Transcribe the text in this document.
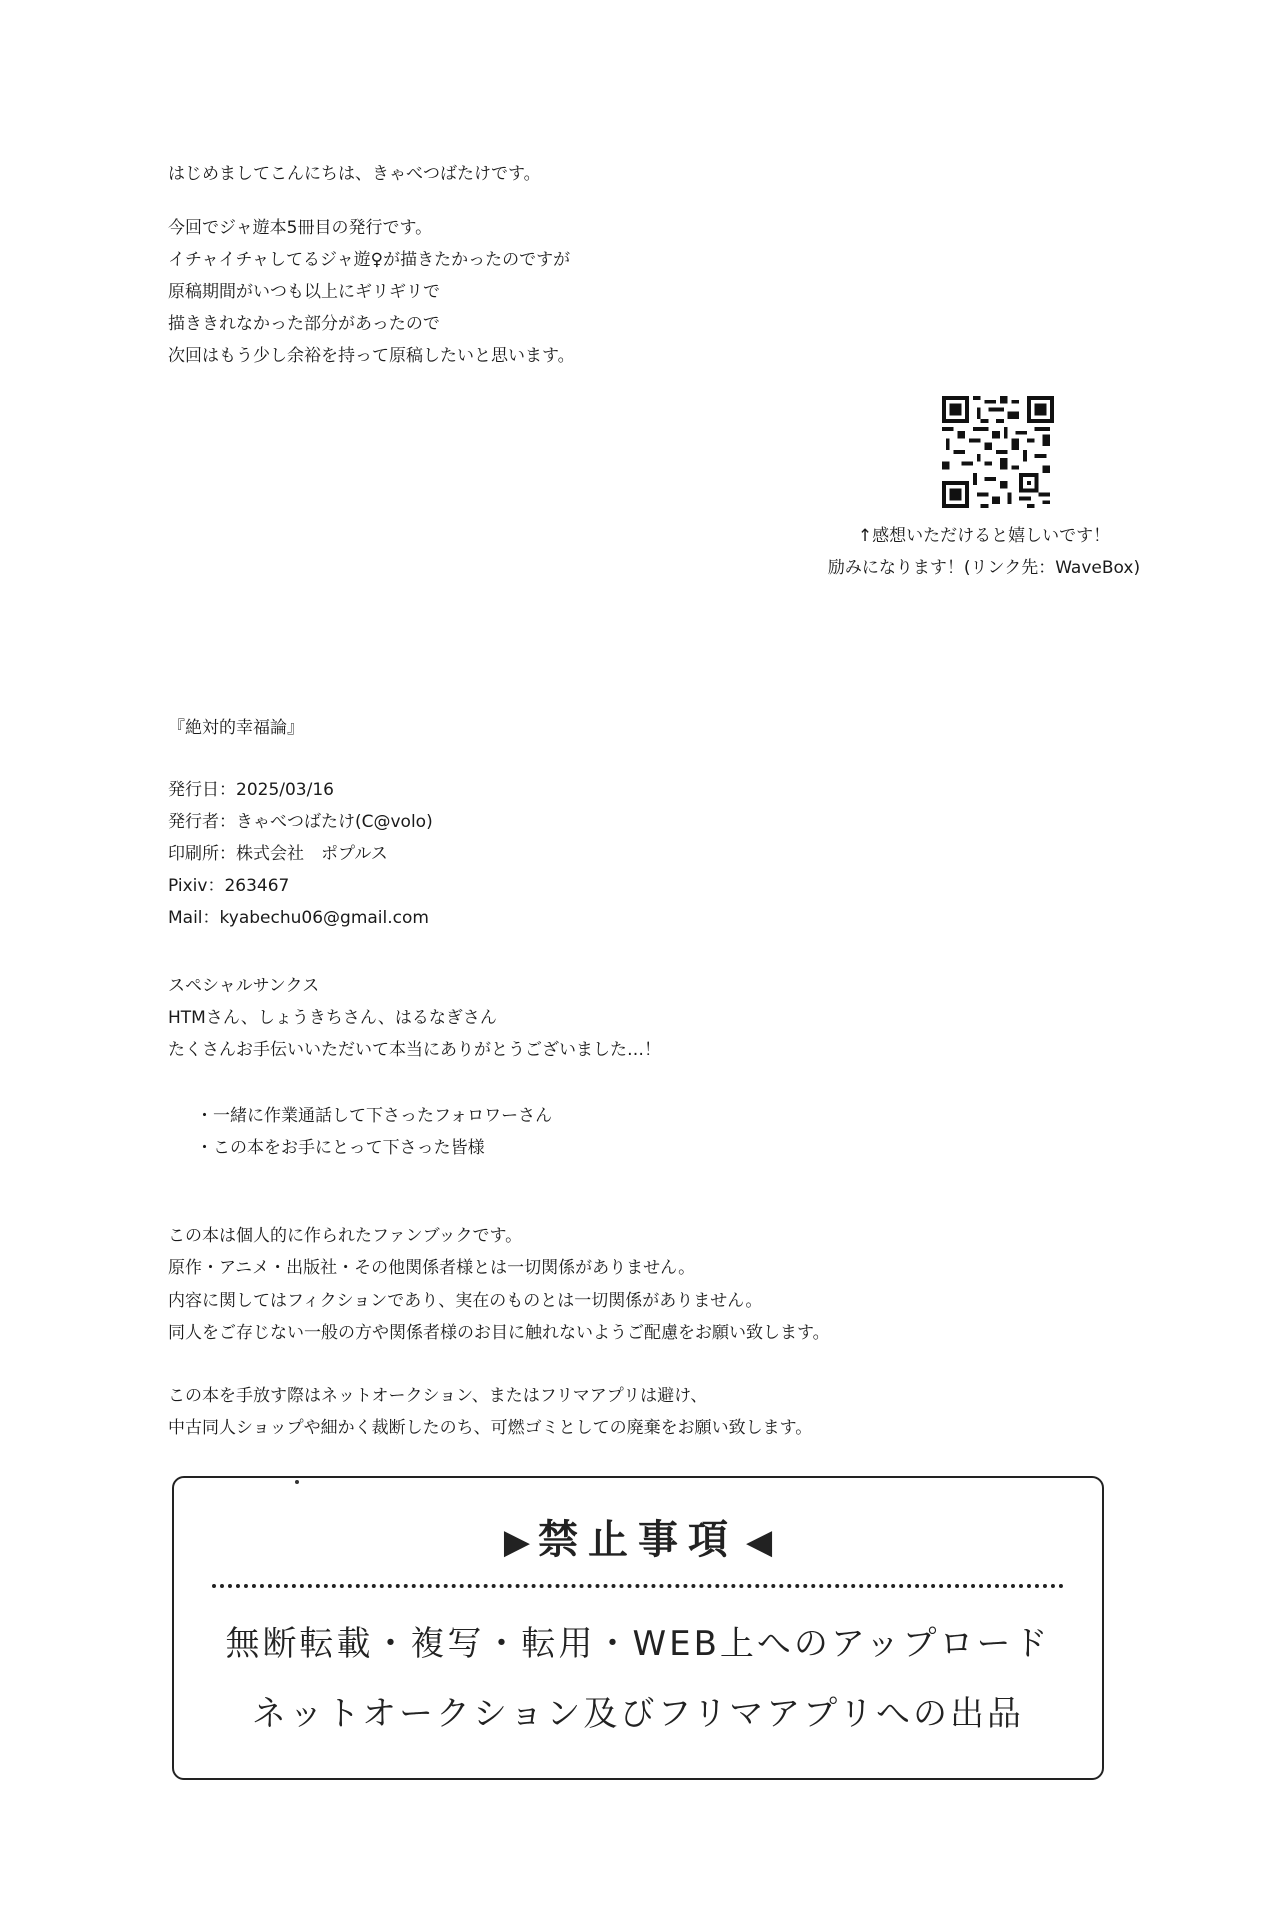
はじめましてこんにちは、きゃべつばたけです。
今回でジャ遊本5冊目の発行です。
イチャイチャしてるジャ遊♀が描きたかったのですが
原稿期間がいつも以上にギリギリで
描ききれなかった部分があったので
次回はもう少し余裕を持って原稿したいと思います。
↑感想いただけると嬉しいです！
励みになります！(リンク先：WaveBox)
『絶対的幸福論』
発行日：2025/03/16
発行者：きゃべつばたけ(C@volo)
印刷所：株式会社　ポプルス
Pixiv：263467
Mail：kyabechu06@gmail.com
スペシャルサンクス
HTMさん、しょうきちさん、はるなぎさん
たくさんお手伝いいただいて本当にありがとうございました…！
・一緒に作業通話して下さったフォロワーさん
・この本をお手にとって下さった皆様
この本は個人的に作られたファンブックです。
原作・アニメ・出版社・その他関係者様とは一切関係がありません。
内容に関してはフィクションであり、実在のものとは一切関係がありません。
同人をご存じない一般の方や関係者様のお目に触れないようご配慮をお願い致します。
この本を手放す際はネットオークション、またはフリマアプリは避け、
中古同人ショップや細かく裁断したのち、可燃ゴミとしての廃棄をお願い致します。
▶ 禁止事項 ◀
無断転載・複写・転用・WEB上へのアップロード
ネットオークション及びフリマアプリへの出品
